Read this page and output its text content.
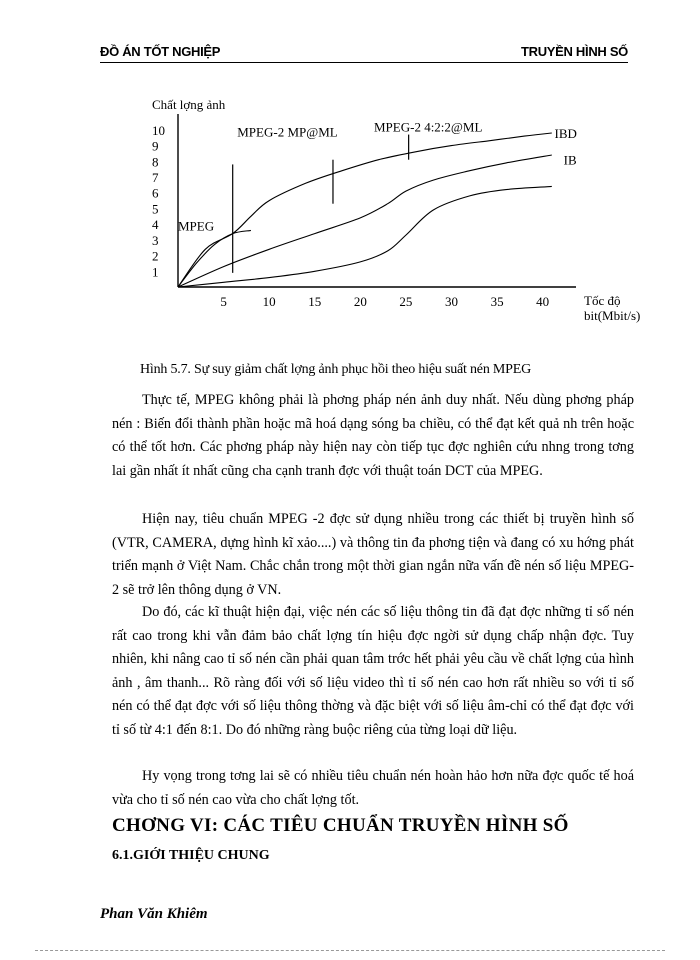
ĐỒ ÁN TỐT NGHIỆP	TRUYỀN HÌNH SỐ
Chất lợng ảnh
Tốc độ
bit(Mbit/s)
1
2
3
4
5
6
7
8
9
10
5	10	15	20	25	30	35	40
MPEG
MPEG-2 MP@ML	MPEG-2 4:2:2@ML	IBD
IB
Hình 5.7. Sự suy giảm chất lợng ảnh phục hồi theo hiệu suất nén MPEG

Thực tế, MPEG không phải là phơng pháp nén ảnh duy nhất. Nếu dùng phơng pháp nén : Biến đổi thành phần hoặc mã hoá dạng sóng ba chiều, có thể đạt kết quả nh trên hoặc có thể tốt hơn. Các phơng pháp này hiện nay còn tiếp tục đợc nghiên cứu nhng trong tơng lai gần nhất ít nhất cũng cha cạnh tranh đợc với thuật toán DCT của MPEG.

Hiện nay, tiêu chuẩn MPEG -2 đợc sử dụng nhiều trong các thiết bị truyền hình số (VTR, CAMERA, dựng hình kĩ xảo....) và thông tin đa phơng tiện và đang có xu hớng phát triển mạnh ở Việt Nam. Chắc chắn trong một thời gian ngắn nữa vấn đề nén số liệu MPEG-2 sẽ trở lên thông dụng ở VN.

Do đó, các kĩ thuật hiện đại, việc nén các số liệu thông tin đã đạt đợc những tỉ số nén rất cao trong khi vẫn đảm bảo chất lợng tín hiệu đợc ngời sử dụng chấp nhận đợc. Tuy nhiên, khi nâng cao tỉ số nén cần phải quan tâm trớc hết phải yêu cầu về chất lợng của hình ảnh , âm thanh... Rõ ràng đối với số liệu video thì tỉ số nén cao hơn rất nhiều so với tỉ số nén có thể đạt đợc với số liệu thông thờng và đặc biệt với số liệu âm-chỉ có thể đạt đợc với tỉ số từ 4:1 đến 8:1. Do đó những ràng buộc riêng của từng loại dữ liệu.

Hy vọng trong tơng lai sẽ có nhiều tiêu chuẩn nén hoàn hảo hơn nữa đợc quốc tế hoá vừa cho tỉ số nén cao vừa cho chất lợng tốt.

CHƠNG VI: CÁC TIÊU CHUẨN TRUYỀN HÌNH SỐ
6.1.GIỚI THIỆU CHUNG
Phan Văn Khiêm
